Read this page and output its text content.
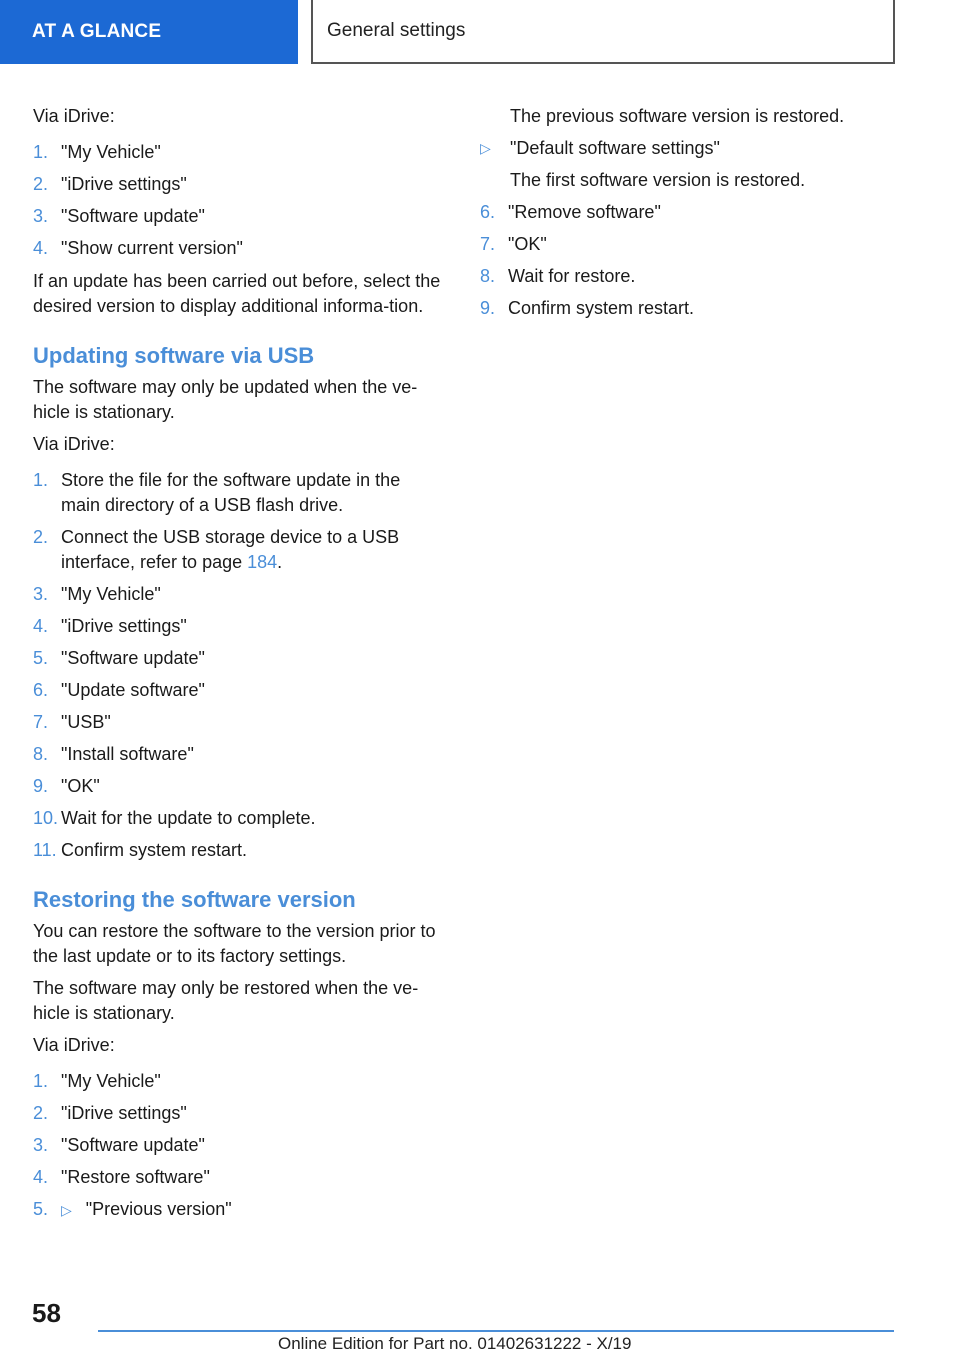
AT A GLANCE	General settings

Via iDrive:

1. "My Vehicle"
2. "iDrive settings"
3. "Software update"
4. "Show current version"

If an update has been carried out before, select the desired version to display additional informa-tion.

Updating software via USB

The software may only be updated when the ve-hicle is stationary.

Via iDrive:

1. Store the file for the software update in the main directory of a USB flash drive.
2. Connect the USB storage device to a USB interface, refer to page 184.
3. "My Vehicle"
4. "iDrive settings"
5. "Software update"
6. "Update software"
7. "USB"
8. "Install software"
9. "OK"
10. Wait for the update to complete.
11. Confirm system restart.
Restoring the software version

You can restore the software to the version prior to the last update or to its factory settings.

The software may only be restored when the ve-hicle is stationary.

Via iDrive:

1. "My Vehicle"
2. "iDrive settings"
3. "Software update"
4. "Restore software"
5. ▷ "Previous version"
The previous software version is restored.
▷ "Default software settings"
The first software version is restored.
6. "Remove software"
7. "OK"
8. Wait for restore.
9. Confirm system restart.
58
Online Edition for Part no. 01402631222 - X/19
